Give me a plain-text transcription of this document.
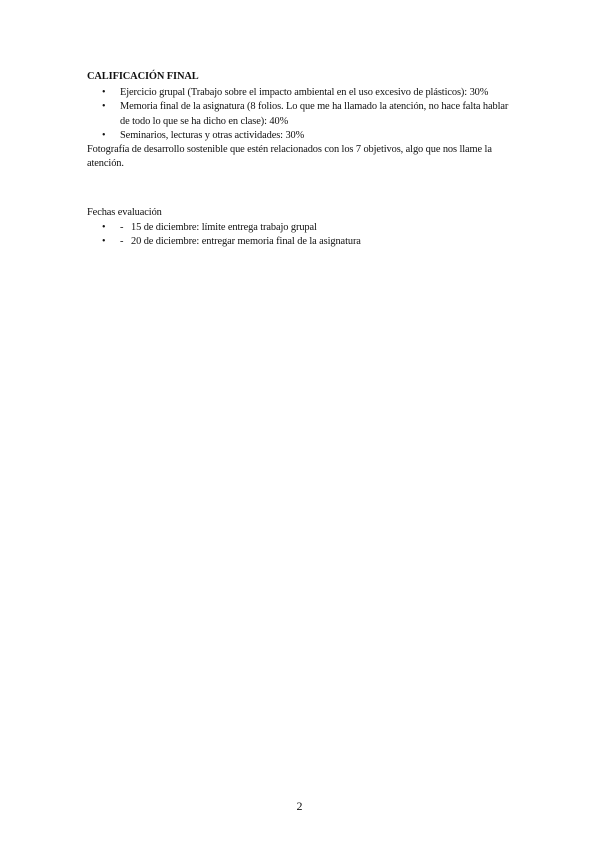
CALIFICACIÓN FINAL
• Ejercicio grupal (Trabajo sobre el impacto ambiental en el uso excesivo de plásticos): 30%
• Memoria final de la asignatura (8 folios. Lo que me ha llamado la atención, no hace falta hablar de todo lo que se ha dicho en clase): 40%
• Seminarios, lecturas y otras actividades: 30%

Fotografía de desarrollo sostenible que estén relacionados con los 7 objetivos, algo que nos llame la atención.

Fechas evaluación

• - 15 de diciembre: límite entrega trabajo grupal
• - 20 de diciembre: entregar memoria final de la asignatura
2
